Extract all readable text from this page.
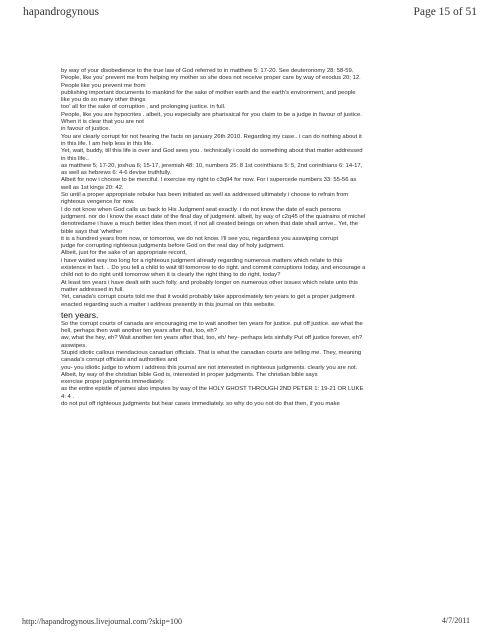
hapandrogynous	Page 15 of 51

by way of your disobedience to the true law of God referred to in matthew 5: 17-20. See deuteronomy 28: 58-59.

People, like you' prevent me from helping my mother so she does not receive proper care by way of exodus 20; 12.

People like you prevent me from

publishing important documents to mankind for the sake of mother earth and the earth's environment, and people

like you do so many other things

too' all for the sake of corruption , and prolonging justice. in full.

People, like you are hypocrites . albeit, you especially are pharisaical for you claim to be a judge in favour of justice.

When it is clear that you are not

in favour of justice.

You are clearly corrupt for not hearing the facts on january 26th 2010. Regarding my case.. i can do nothing about it

in this life. I am help less in this life.

Yet, wait, buddy, till this life is over and God sees you . technically i could do something about that matter addressed

in this life..

as matthew 5; 17-20, joshua 6; 15-17, jeremiah 48: 10, numbers 25: 8 1st corinthians 5: 5, 2nd corinthians 6: 14-17,

as well as hebrews 6: 4-6 devise truthfully.

Albeit for now i choose to be merciful. I exercise my right to c3q94 for now. For i supercede numbers 33: 55-56 as

well as 1st kings 20: 42.

So until a proper appropriate rebuke has been initiated as well as addressed ultimately i choose to refrain from

righteous vengence for now.

I do not know when God calls us back to His Judgment seat exactly. i do not know the date of each persons

judgment. nor do i know the exact date of the final day of judgment. albeit, by way of c2q45 of the quatrains of michel

denotredame i have a much better idea then most, if not all created beings on when that date shall arrive.. Yet, the

bible says that 'whether

it is a hundred years from now, or tomorrow, we do not know. I'll see you, regardless you asswiping corrupt

judge for corrupting righteous judgments before God on the real day of holy judgment.

Albeit, just for the sake of an appropriate record,

i have waited way too long for a righteous judgment already regarding numerous matters which relate to this

existence in fact. .. Do you tell a child to wait till tomorrow to do right. and commit corruptions today, and encourage a

child not to do right until tomorrow when it is clearly the right thing to do right, today?

At least ten years i have dealt with such folly. and probably longer on numerous other issues which relate unto this

matter addressed in full.

Yet, canada's corrupt courts told me that it would probably take approximately ten years to get a proper judgment

enacted regarding such a matter i address presently in this journal on this website.

ten years.

So the corrupt courts of canada are encouraging me to wait another ten years for justice. put off justice. aw what the

hell, perhaps then wait another ten years after that, too, eh?

aw, what the hey, eh? Wait another ten years after that, too, eh/ hey- perhaps lets sinfully Put off justice forever, eh?

asswipes.

Stupid idiotic callous mendacious canadian officials. That is what the canadian courts are telling me. They, meaning

canada's corrupt officials and authorities and

you- you idiotic judge to whom i address this journal are not interested in righteous judgments. clearly you are not.

Albeit, by way of the christian bible God is, interested in proper judgments. The christian bible says

exercise proper judgments immediately.

as the entire epistle of james also imputes by way of the HOLY GHOST THROUGH 2ND PETER 1: 19-21 OR LUKE

4: 4 .

do not put off righteous judgments but hear cases immediately. so why do you not do that then, if you make

http://hapandrogynous.livejournal.com/?skip=100	4/7/2011
